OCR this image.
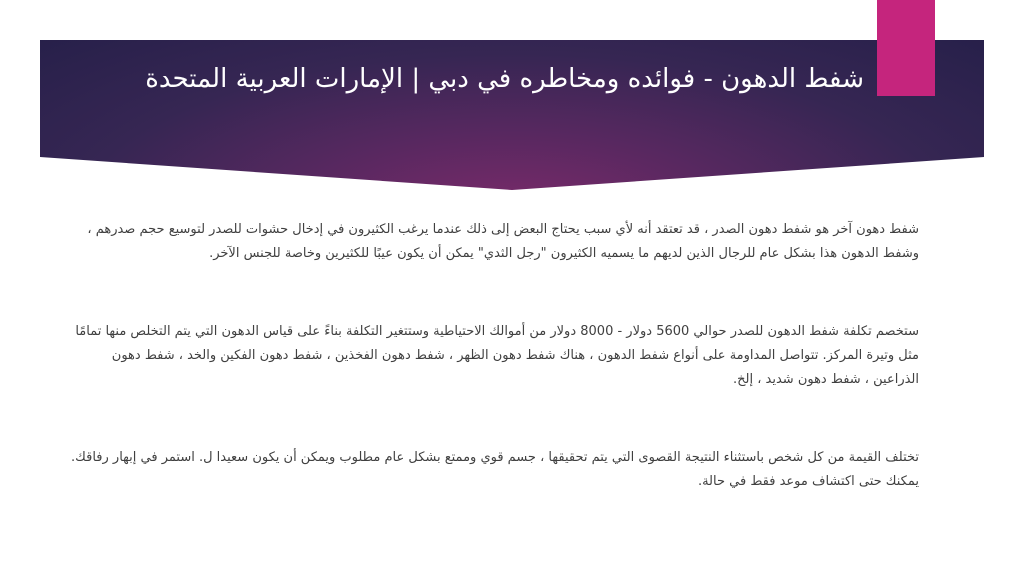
شفط الدهون - فوائده ومخاطره في دبي | الإمارات العربية المتحدة

شفط دهون آخر هو شفط دهون الصدر ، قد تعتقد أنه لأي سبب يحتاج البعض إلى ذلك عندما يرغب الكثيرون في إدخال حشوات للصدر لتوسيع حجم صدرهم ، وشفط الدهون هذا بشكل عام للرجال الذين لديهم ما يسميه الكثيرون "رجل الثدي" يمكن أن يكون عيبًا للكثيرين وخاصة للجنس الآخر.

ستخصم تكلفة شفط الدهون للصدر حوالي 5600 دولار - 8000 دولار من أموالك الاحتياطية وستتغير التكلفة بناءً على قياس الدهون التي يتم التخلص منها تمامًا مثل وتيرة المركز. تتواصل المداومة على أنواع شفط الدهون ، هناك شفط دهون الظهر ، شفط دهون الفخذين ، شفط دهون الفكين والخد ، شفط دهون الذراعين ، شفط دهون شديد ، إلخ.

تختلف القيمة من كل شخص باستثناء النتيجة القصوى التي يتم تحقيقها ، جسم قوي وممتع بشكل عام مطلوب ويمكن أن يكون سعيدا ل. استمر في إبهار رفاقك. يمكنك حتى اكتشاف موعد فقط في حالة.
